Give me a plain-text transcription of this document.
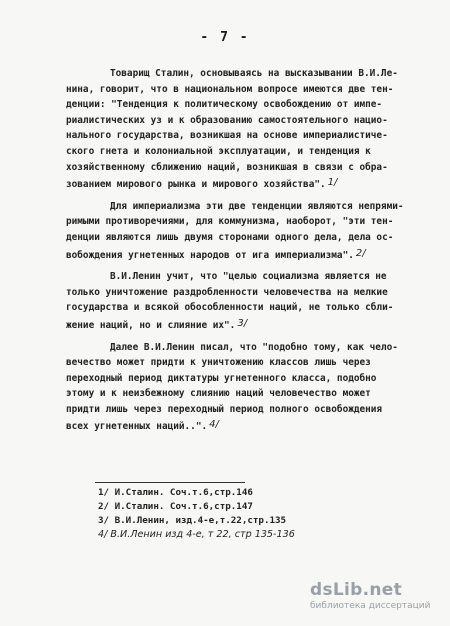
- 7 -
Товарищ Сталин, основываясь на высказывании В.И.Ле-
нина, говорит, что в национальном вопросе имеются две тен-
денции: "Тенденция к политическому освобождению от импе-
риалистических уз и к образованию самостоятельного нацио-
нального государства, возникшая на основе империалистиче-
ского гнета и колониальной эксплуатации, и тенденция к
хозяйственному сближению наций, возникшая в связи с обра-
зованием мирового рынка и мирового хозяйства". 1/
Для империализма эти две тенденции являются непрями-
римыми противоречиями, для коммунизма, наоборот, "эти тен-
денции являются лишь двумя сторонами одного дела, дела ос-
вобождения угнетенных народов от ига империализма". 2/
В.И.Ленин учит, что "целью социализма является не
только уничтожение раздробленности человечества на мелкие
государства и всякой обособленности наций, не только сбли-
жение наций, но и слияние их". 3/
Далее В.И.Ленин писал, что "подобно тому, как чело-
вечество может придти к уничтожению классов лишь через
переходный период диктатуры угнетенного класса, подобно
этому и к неизбежному слиянию наций человечество может
придти лишь через переходный период полного освобождения
всех угнетенных наций..". 4/
1/ И.Сталин. Соч.т.6,стр.146
2/ И.Сталин. Соч.т.6,стр.147
3/ В.И.Ленин, изд.4-е,т.22,стр.135
4/ В.И.Ленин изд 4-е, т 22, стр 135-136
dsLib.net
библиотека диссертаций
